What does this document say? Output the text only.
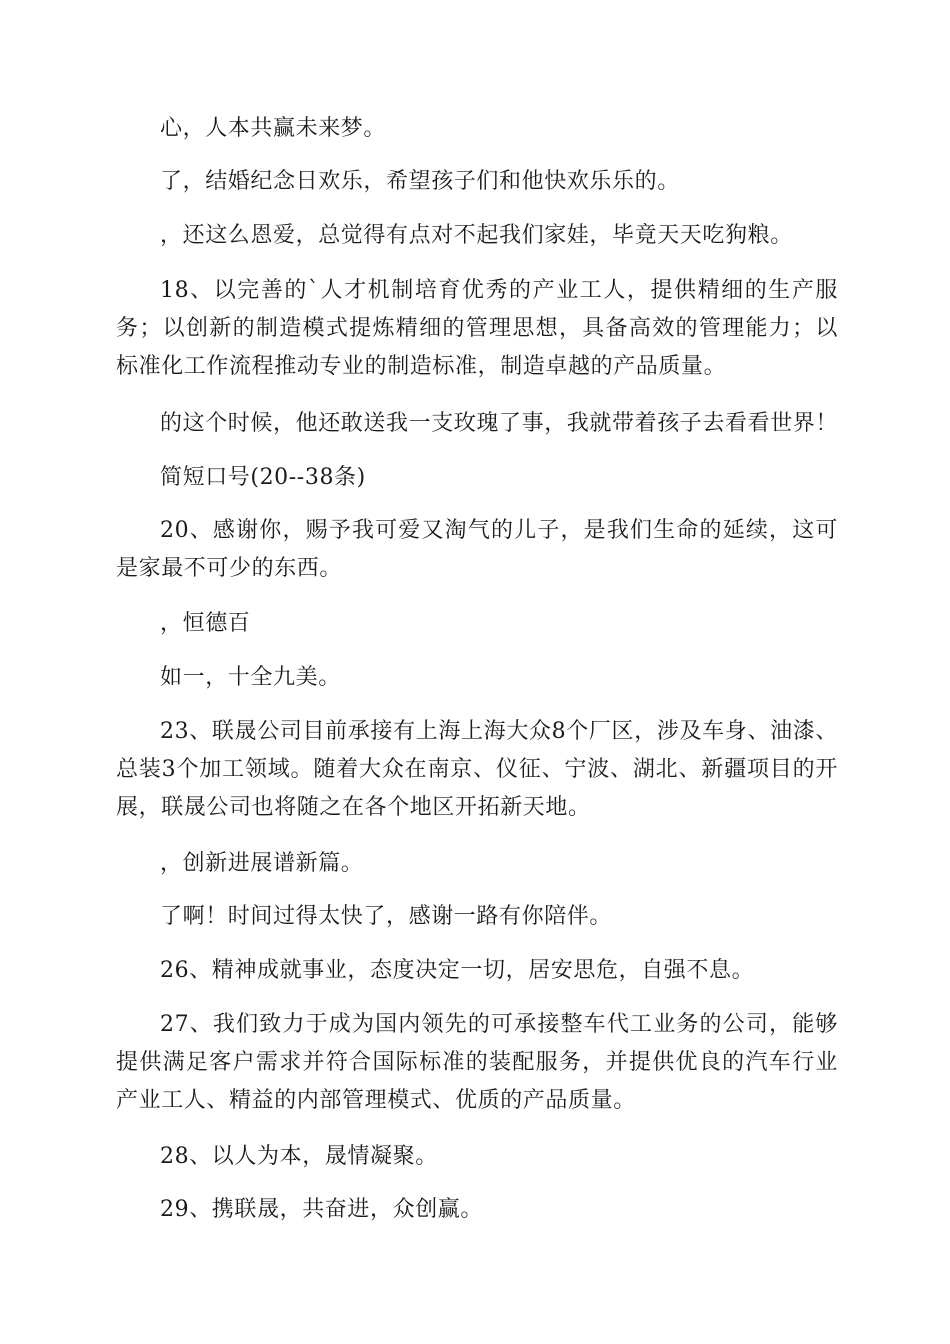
心，人本共赢未来梦。

了，结婚纪念日欢乐，希望孩子们和他快欢乐乐的。

，还这么恩爱，总觉得有点对不起我们家娃，毕竟天天吃狗粮。

18、以完善的`人才机制培育优秀的产业工人，提供精细的生产服务；以创新的制造模式提炼精细的管理思想，具备高效的管理能力；以标准化工作流程推动专业的制造标准，制造卓越的产品质量。

的这个时候，他还敢送我一支玫瑰了事，我就带着孩子去看看世界！

简短口号(20--38条)

20、感谢你，赐予我可爱又淘气的儿子，是我们生命的延续，这可是家最不可少的东西。

，恒德百

如一，十全九美。

23、联晟公司目前承接有上海上海大众8个厂区，涉及车身、油漆、总装3个加工领域。随着大众在南京、仪征、宁波、湖北、新疆项目的开展，联晟公司也将随之在各个地区开拓新天地。

，创新进展谱新篇。

了啊！时间过得太快了，感谢一路有你陪伴。

26、精神成就事业，态度决定一切，居安思危，自强不息。

27、我们致力于成为国内领先的可承接整车代工业务的公司，能够提供满足客户需求并符合国际标准的装配服务，并提供优良的汽车行业产业工人、精益的内部管理模式、优质的产品质量。

28、以人为本，晟情凝聚。

29、携联晟，共奋进，众创赢。
